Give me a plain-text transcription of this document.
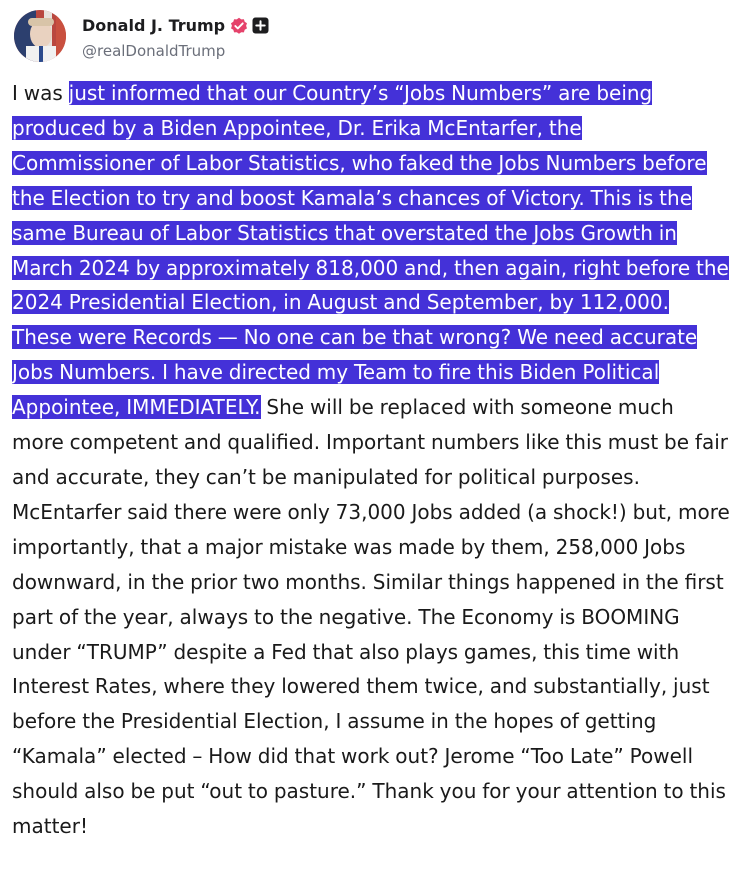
Donald J. Trump
@realDonaldTrump
I was just informed that our Country’s “Jobs Numbers” are being produced by a Biden Appointee, Dr. Erika McEntarfer, the Commissioner of Labor Statistics, who faked the Jobs Numbers before the Election to try and boost Kamala’s chances of Victory. This is the same Bureau of Labor Statistics that overstated the Jobs Growth in March 2024 by approximately 818,000 and, then again, right before the 2024 Presidential Election, in August and September, by 112,000. These were Records — No one can be that wrong? We need accurate Jobs Numbers. I have directed my Team to fire this Biden Political Appointee, IMMEDIATELY. She will be replaced with someone much more competent and qualified. Important numbers like this must be fair and accurate, they can’t be manipulated for political purposes. McEntarfer said there were only 73,000 Jobs added (a shock!) but, more importantly, that a major mistake was made by them, 258,000 Jobs downward, in the prior two months. Similar things happened in the first part of the year, always to the negative. The Economy is BOOMING under “TRUMP” despite a Fed that also plays games, this time with Interest Rates, where they lowered them twice, and substantially, just before the Presidential Election, I assume in the hopes of getting “Kamala” elected – How did that work out? Jerome “Too Late” Powell should also be put “out to pasture.” Thank you for your attention to this matter!
